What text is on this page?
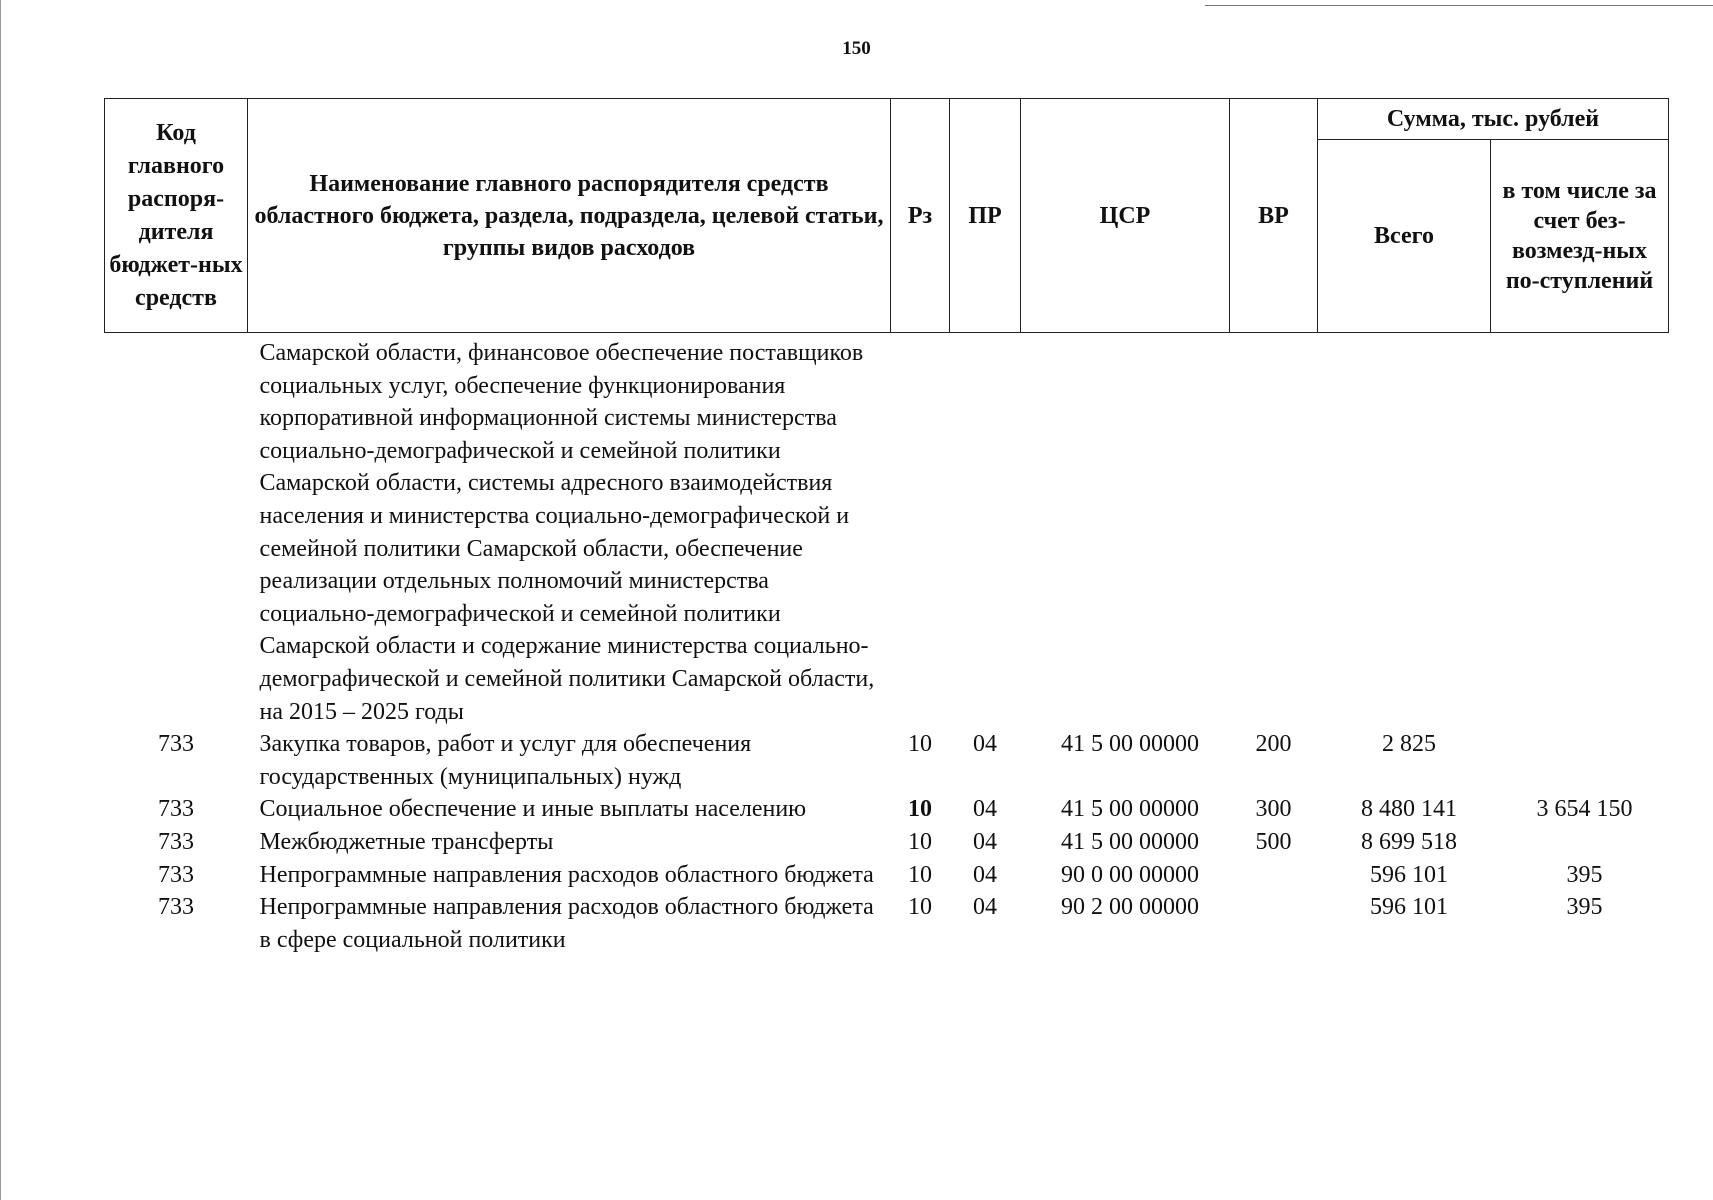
150
Код главного распоря-дителя бюджет-ных средств	Наименование главного распорядителя средств областного бюджета, раздела, подраздела, целевой статьи, группы видов расходов	Рз	ПР	ЦСР	ВР	Сумма, тыс. рублей	
						Всего	в том числе за счет без-возмезд-ных по-ступлений
	Самарской области, финансовое обеспечение поставщиков социальных услуг, обеспечение функционирования корпоративной информационной системы министерства социально-демографической и семейной политики Самарской области, системы адресного взаимодействия населения и министерства социально-демографической и семейной политики Самарской области, обеспечение реализации отдельных полномочий министерства социально-демографической и семейной политики Самарской области и содержание министерства социально-демографической и семейной политики Самарской области, на 2015 – 2025 годы						
733	Закупка товаров, работ и услуг для обеспечения государственных (муниципальных) нужд	10	04	41 5 00 00000	200	2 825	
733	Социальное обеспечение и иные выплаты населению	10	04	41 5 00 00000	300	8 480 141	3 654 150
733	Межбюджетные трансферты	10	04	41 5 00 00000	500	8 699 518	
733	Непрограммные направления расходов областного бюджета	10	04	90 0 00 00000		596 101	395
733	Непрограммные направления расходов областного бюджета в сфере социальной политики	10	04	90 2 00 00000		596 101	395
